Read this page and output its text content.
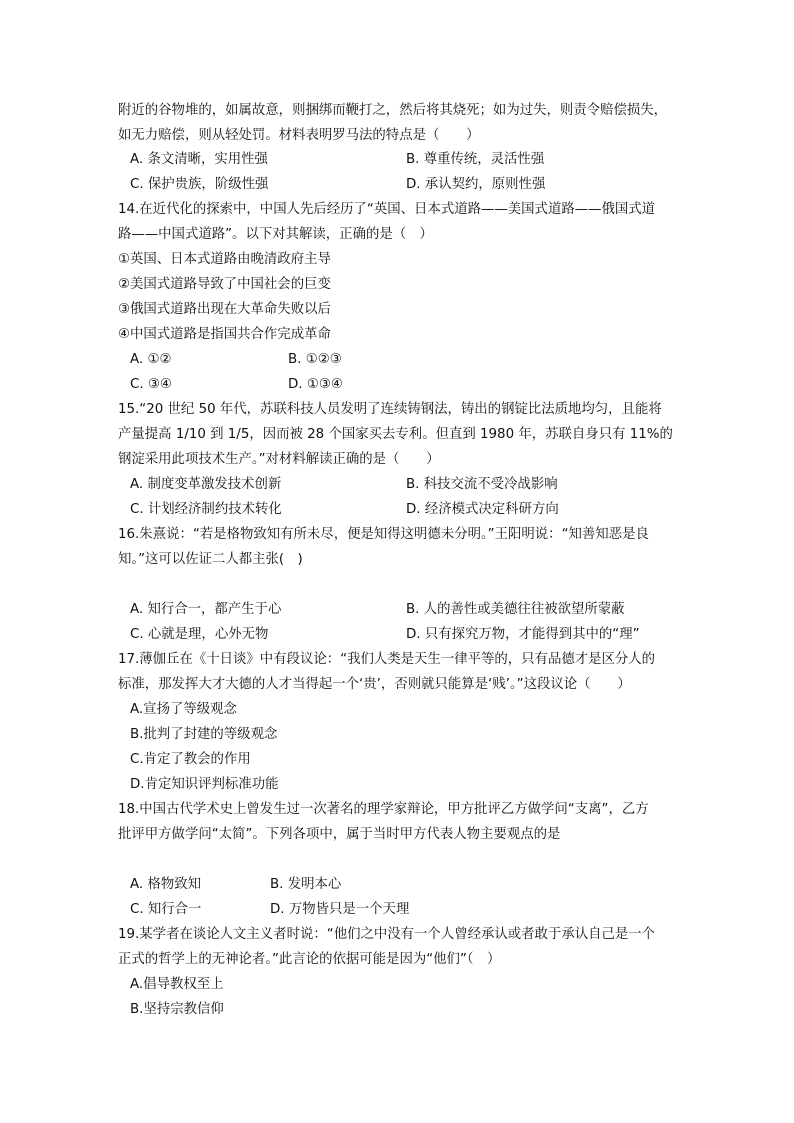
附近的谷物堆的，如属故意，则捆绑而鞭打之，然后将其烧死；如为过失，则责令赔偿损失，
如无力赔偿，则从轻处罚。材料表明罗马法的特点是（　　）
A. 条文清晰，实用性强	B. 尊重传统，灵活性强
C. 保护贵族，阶级性强	D. 承认契约，原则性强
14.在近代化的探索中，中国人先后经历了“英国、日本式道路——美国式道路——俄国式道
路——中国式道路”。以下对其解读，正确的是（　）
①英国、日本式道路由晚清政府主导
②美国式道路导致了中国社会的巨变
③俄国式道路出现在大革命失败以后
④中国式道路是指国共合作完成革命
A. ①②	B. ①②③
C. ③④	D. ①③④
15.“20 世纪 50 年代，苏联科技人员发明了连续铸钢法，铸出的钢锭比法质地均匀，且能将
产量提高 1/10 到 1/5，因而被 28 个国家买去专利。但直到 1980 年，苏联自身只有 11%的
钢淀采用此项技术生产。”对材料解读正确的是（　　）
A. 制度变革激发技术创新	B. 科技交流不受冷战影响
C. 计划经济制约技术转化	D. 经济模式决定科研方向
16.朱熹说：“若是格物致知有所未尽，便是知得这明德未分明。”王阳明说：“知善知恶是良
知。”这可以佐证二人都主张(　)
A. 知行合一，都产生于心	B. 人的善性或美德往往被欲望所蒙蔽
C. 心就是理，心外无物	D. 只有探究万物，才能得到其中的“理”
17.薄伽丘在《十日谈》中有段议论：“我们人类是天生一律平等的，只有品德才是区分人的
标准，那发挥大才大德的人才当得起一个‘贵’，否则就只能算是‘贱’。”这段议论（　　）
A.宣扬了等级观念
B.批判了封建的等级观念
C.肯定了教会的作用
D.肯定知识评判标准功能
18.中国古代学术史上曾发生过一次著名的理学家辩论，甲方批评乙方做学问“支离”，乙方
批评甲方做学问“太简”。下列各项中，属于当时甲方代表人物主要观点的是
A. 格物致知	B. 发明本心
C. 知行合一	D. 万物皆只是一个天理
19.某学者在谈论人文主义者时说：“他们之中没有一个人曾经承认或者敢于承认自己是一个
正式的哲学上的无神论者。”此言论的依据可能是因为“他们”（　）
A.倡导教权至上
B.坚持宗教信仰
